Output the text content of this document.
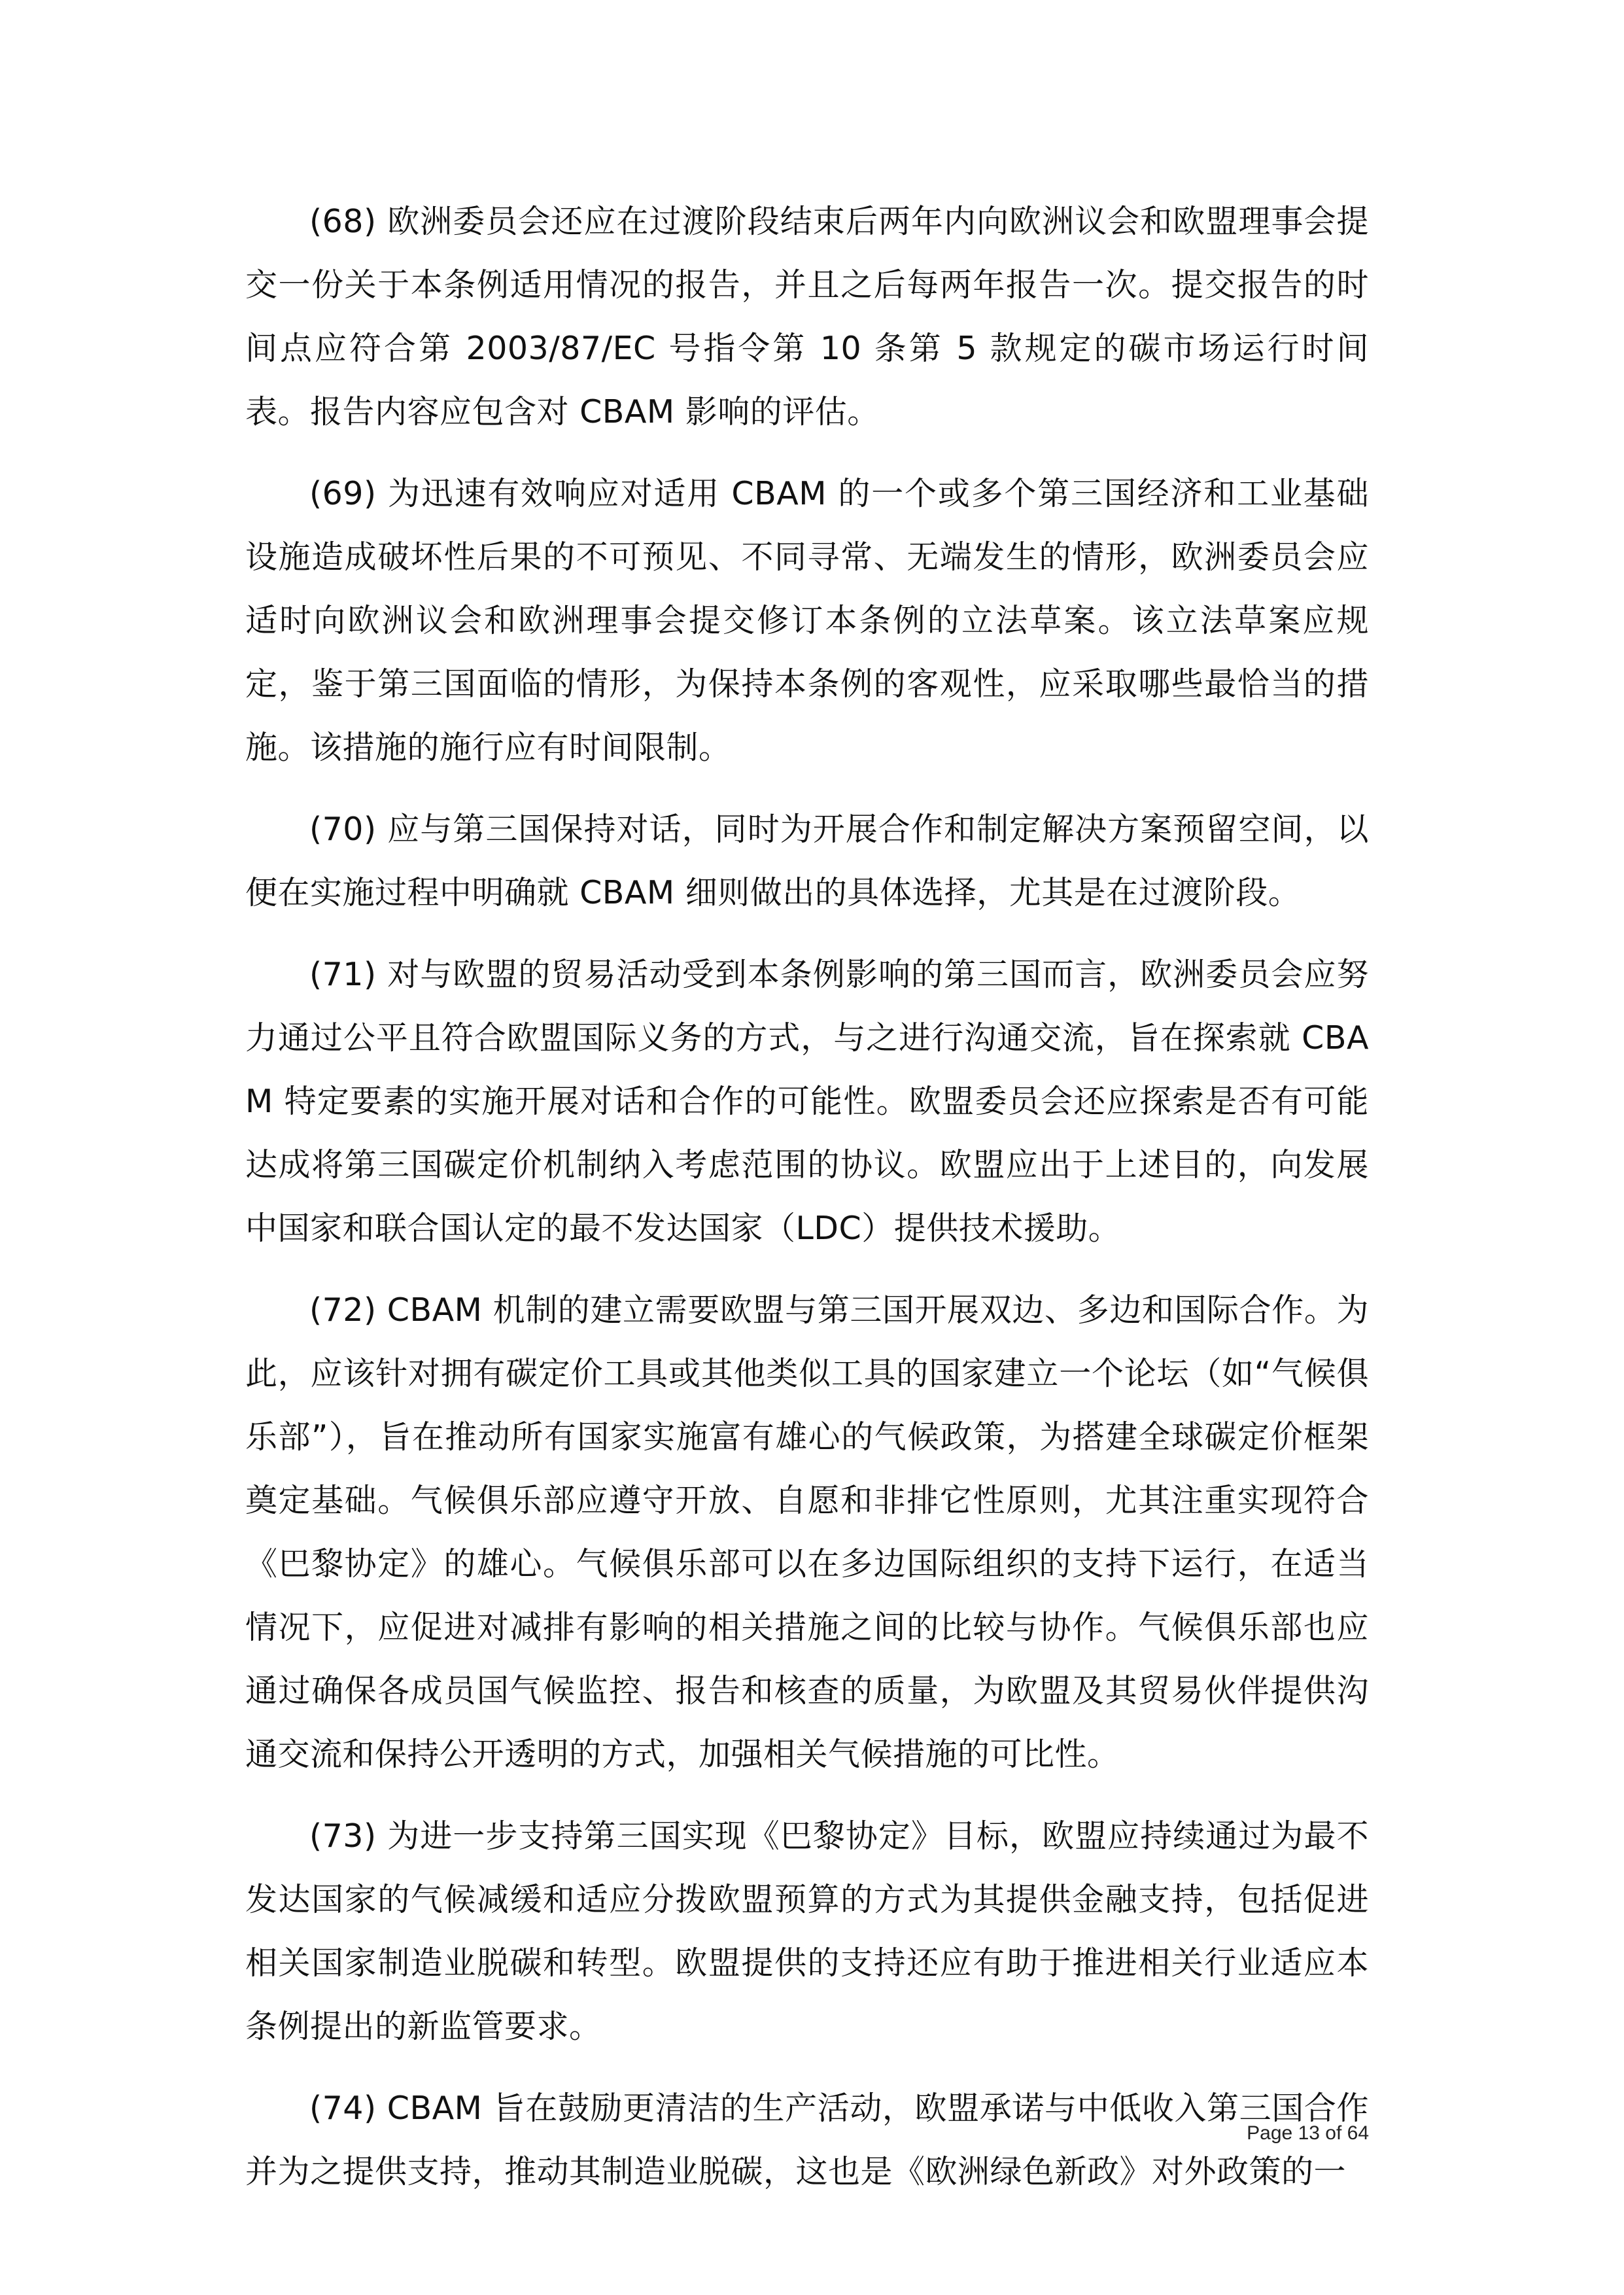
(68) 欧洲委员会还应在过渡阶段结束后两年内向欧洲议会和欧盟理事会提交一份关于本条例适用情况的报告，并且之后每两年报告一次。提交报告的时间点应符合第 2003/87/EC 号指令第 10 条第 5 款规定的碳市场运行时间表。报告内容应包含对 CBAM 影响的评估。

(69) 为迅速有效响应对适用 CBAM 的一个或多个第三国经济和工业基础设施造成破坏性后果的不可预见、不同寻常、无端发生的情形，欧洲委员会应适时向欧洲议会和欧洲理事会提交修订本条例的立法草案。该立法草案应规定，鉴于第三国面临的情形，为保持本条例的客观性，应采取哪些最恰当的措施。该措施的施行应有时间限制。

(70) 应与第三国保持对话，同时为开展合作和制定解决方案预留空间，以便在实施过程中明确就 CBAM 细则做出的具体选择，尤其是在过渡阶段。

(71) 对与欧盟的贸易活动受到本条例影响的第三国而言，欧洲委员会应努力通过公平且符合欧盟国际义务的方式，与之进行沟通交流，旨在探索就 CBAM 特定要素的实施开展对话和合作的可能性。欧盟委员会还应探索是否有可能达成将第三国碳定价机制纳入考虑范围的协议。欧盟应出于上述目的，向发展中国家和联合国认定的最不发达国家（LDC）提供技术援助。

(72) CBAM 机制的建立需要欧盟与第三国开展双边、多边和国际合作。为此，应该针对拥有碳定价工具或其他类似工具的国家建立一个论坛（如“气候俱乐部”），旨在推动所有国家实施富有雄心的气候政策，为搭建全球碳定价框架奠定基础。气候俱乐部应遵守开放、自愿和非排它性原则，尤其注重实现符合《巴黎协定》的雄心。气候俱乐部可以在多边国际组织的支持下运行，在适当情况下，应促进对减排有影响的相关措施之间的比较与协作。气候俱乐部也应通过确保各成员国气候监控、报告和核查的质量，为欧盟及其贸易伙伴提供沟通交流和保持公开透明的方式，加强相关气候措施的可比性。

(73) 为进一步支持第三国实现《巴黎协定》目标，欧盟应持续通过为最不发达国家的气候减缓和适应分拨欧盟预算的方式为其提供金融支持，包括促进相关国家制造业脱碳和转型。欧盟提供的支持还应有助于推进相关行业适应本条例提出的新监管要求。

(74) CBAM 旨在鼓励更清洁的生产活动，欧盟承诺与中低收入第三国合作并为之提供支持，推动其制造业脱碳，这也是《欧洲绿色新政》对外政策的一

Page 13 of 64
